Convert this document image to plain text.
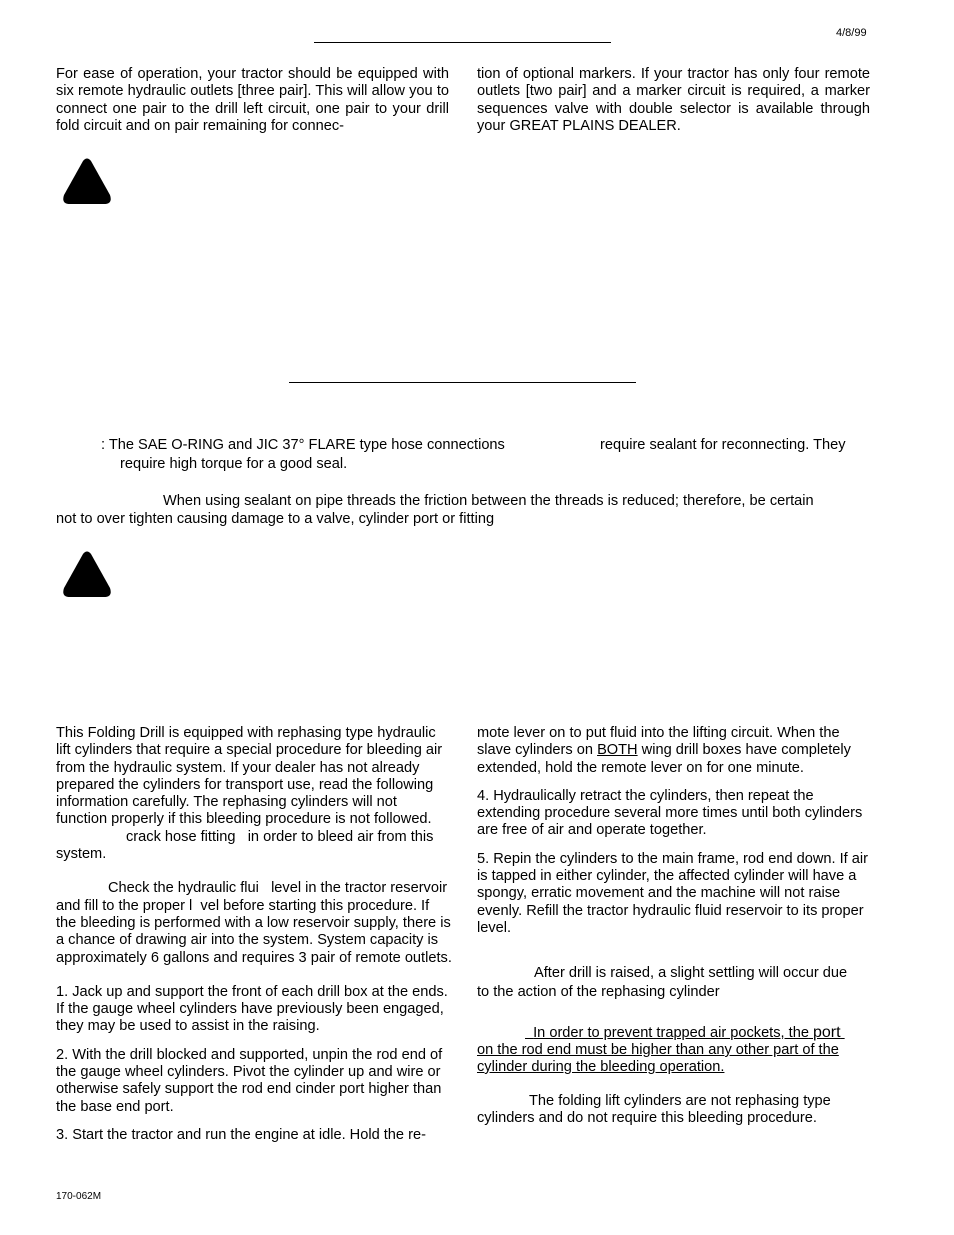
4/8/99
For ease of operation, your tractor should be equipped with six remote hydraulic outlets [three pair]. This will allow you to connect one pair to the drill left circuit, one pair to your drill fold circuit and on pair remaining for connec-
tion of optional markers. If your tractor has only four remote outlets [two pair] and a marker circuit is required, a marker sequences valve with double selector is available through your GREAT PLAINS DEALER.
: The SAE O-RING and JIC 37° FLARE type hose connections	require sealant for reconnecting. They
require high torque for a good seal.
When using sealant on pipe threads the friction between the threads is reduced; therefore, be certain
not to over tighten causing damage to a valve, cylinder port or fitting

This Folding Drill is equipped with rephasing type hydraulic lift cylinders that require a special procedure for bleeding air from the hydraulic system. If your dealer has not already prepared the cylinders for transport use, read the following information carefully. The rephasing cylinders will not function properly if this bleeding procedure is not followed.crack hose fitting in order to bleed air from this system.

Check the hydraulic flui level in the tractor reservoir and fill to the proper l vel before starting this procedure. If the bleeding is performed with a low reservoir supply, there is a chance of drawing air into the system. System capacity is approximately 6 gallons and requires 3 pair of remote outlets.

1. Jack up and support the front of each drill box at the ends. If the gauge wheel cylinders have previously been engaged, they may be used to assist in the raising.

2. With the drill blocked and supported, unpin the rod end of the gauge wheel cylinders. Pivot the cylinder up and wire or otherwise safely support the rod end cinder port higher than the base end port.

3. Start the tractor and run the engine at idle. Hold the re-

mote lever on to put fluid into the lifting circuit. When the slave cylinders on BOTH wing drill boxes have completely extended, hold the remote lever on for one minute.

4. Hydraulically retract the cylinders, then repeat the extending procedure several more times until both cylinders are free of air and operate together.

5. Repin the cylinders to the main frame, rod end down. If air is tapped in either cylinder, the affected cylinder will have a spongy, erratic movement and the machine will not raise evenly. Refill the tractor hydraulic fluid reservoir to its proper level.

After drill is raised, a slight settling will occur due
to the action of the rephasing cylinder
In order to prevent trapped air pockets, the port
on the rod end must be higher than any other part of the
cylinder during the bleeding operation.
The folding lift cylinders are not rephasing type
cylinders and do not require this bleeding procedure.
170-062M
